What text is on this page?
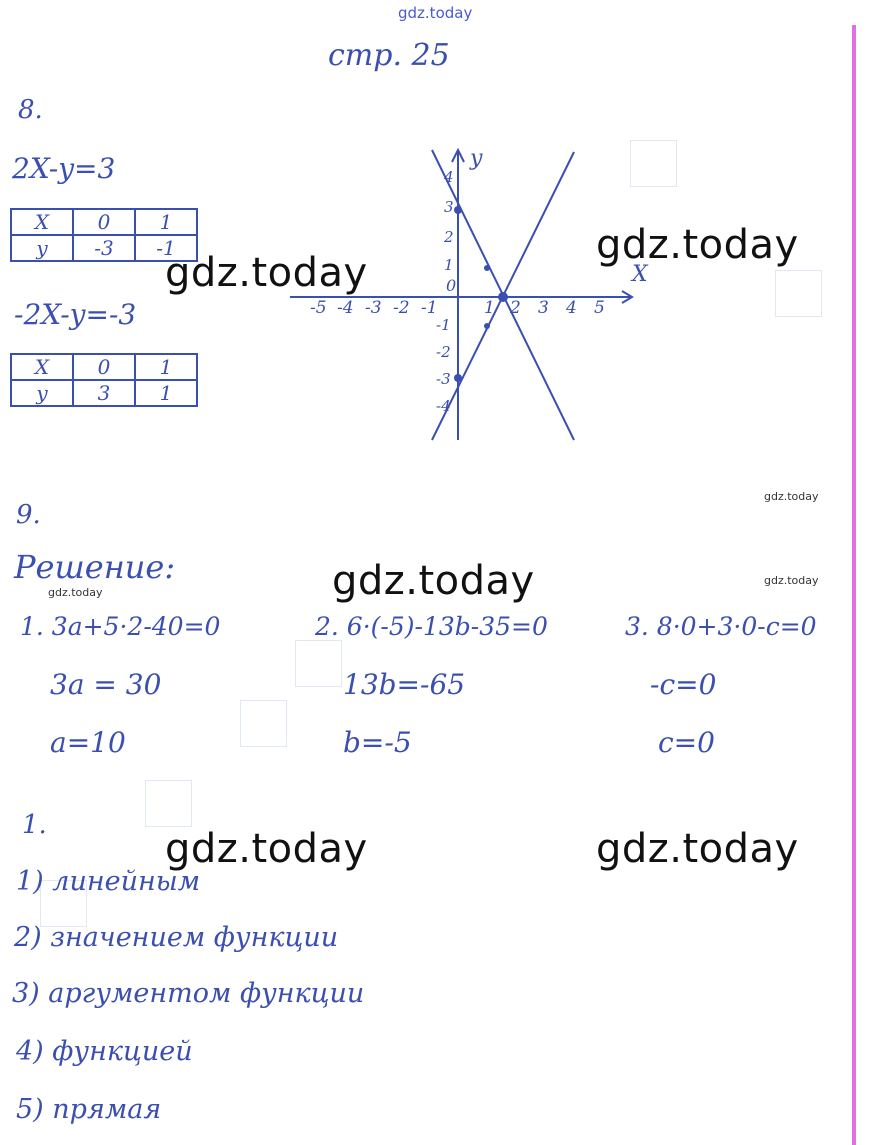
gdz.today
стр. 25
8.
2X-y=3
X	0	1
y	-3	-1
-2X-y=-3
X	0	1
y	3	1
X
y
0
-5 -4 -3 -2 -1	1 2 3 4 5
4
3
2
1
-1
-2
-3
-4
9.
Решение:
1. 3a+5·2-40=0
3a = 30
a=10
2. 6·(-5)-13b-35=0
13b=-65
b=-5
3. 8·0+3·0-c=0
-c=0
c=0
1.
1) линейным
2) значением функции
3) аргументом функции
4) функцией
5) прямая
gdz.today
gdz.today
gdz.today
gdz.today	gdz.today
gdz.today
gdz.today
gdz.today
